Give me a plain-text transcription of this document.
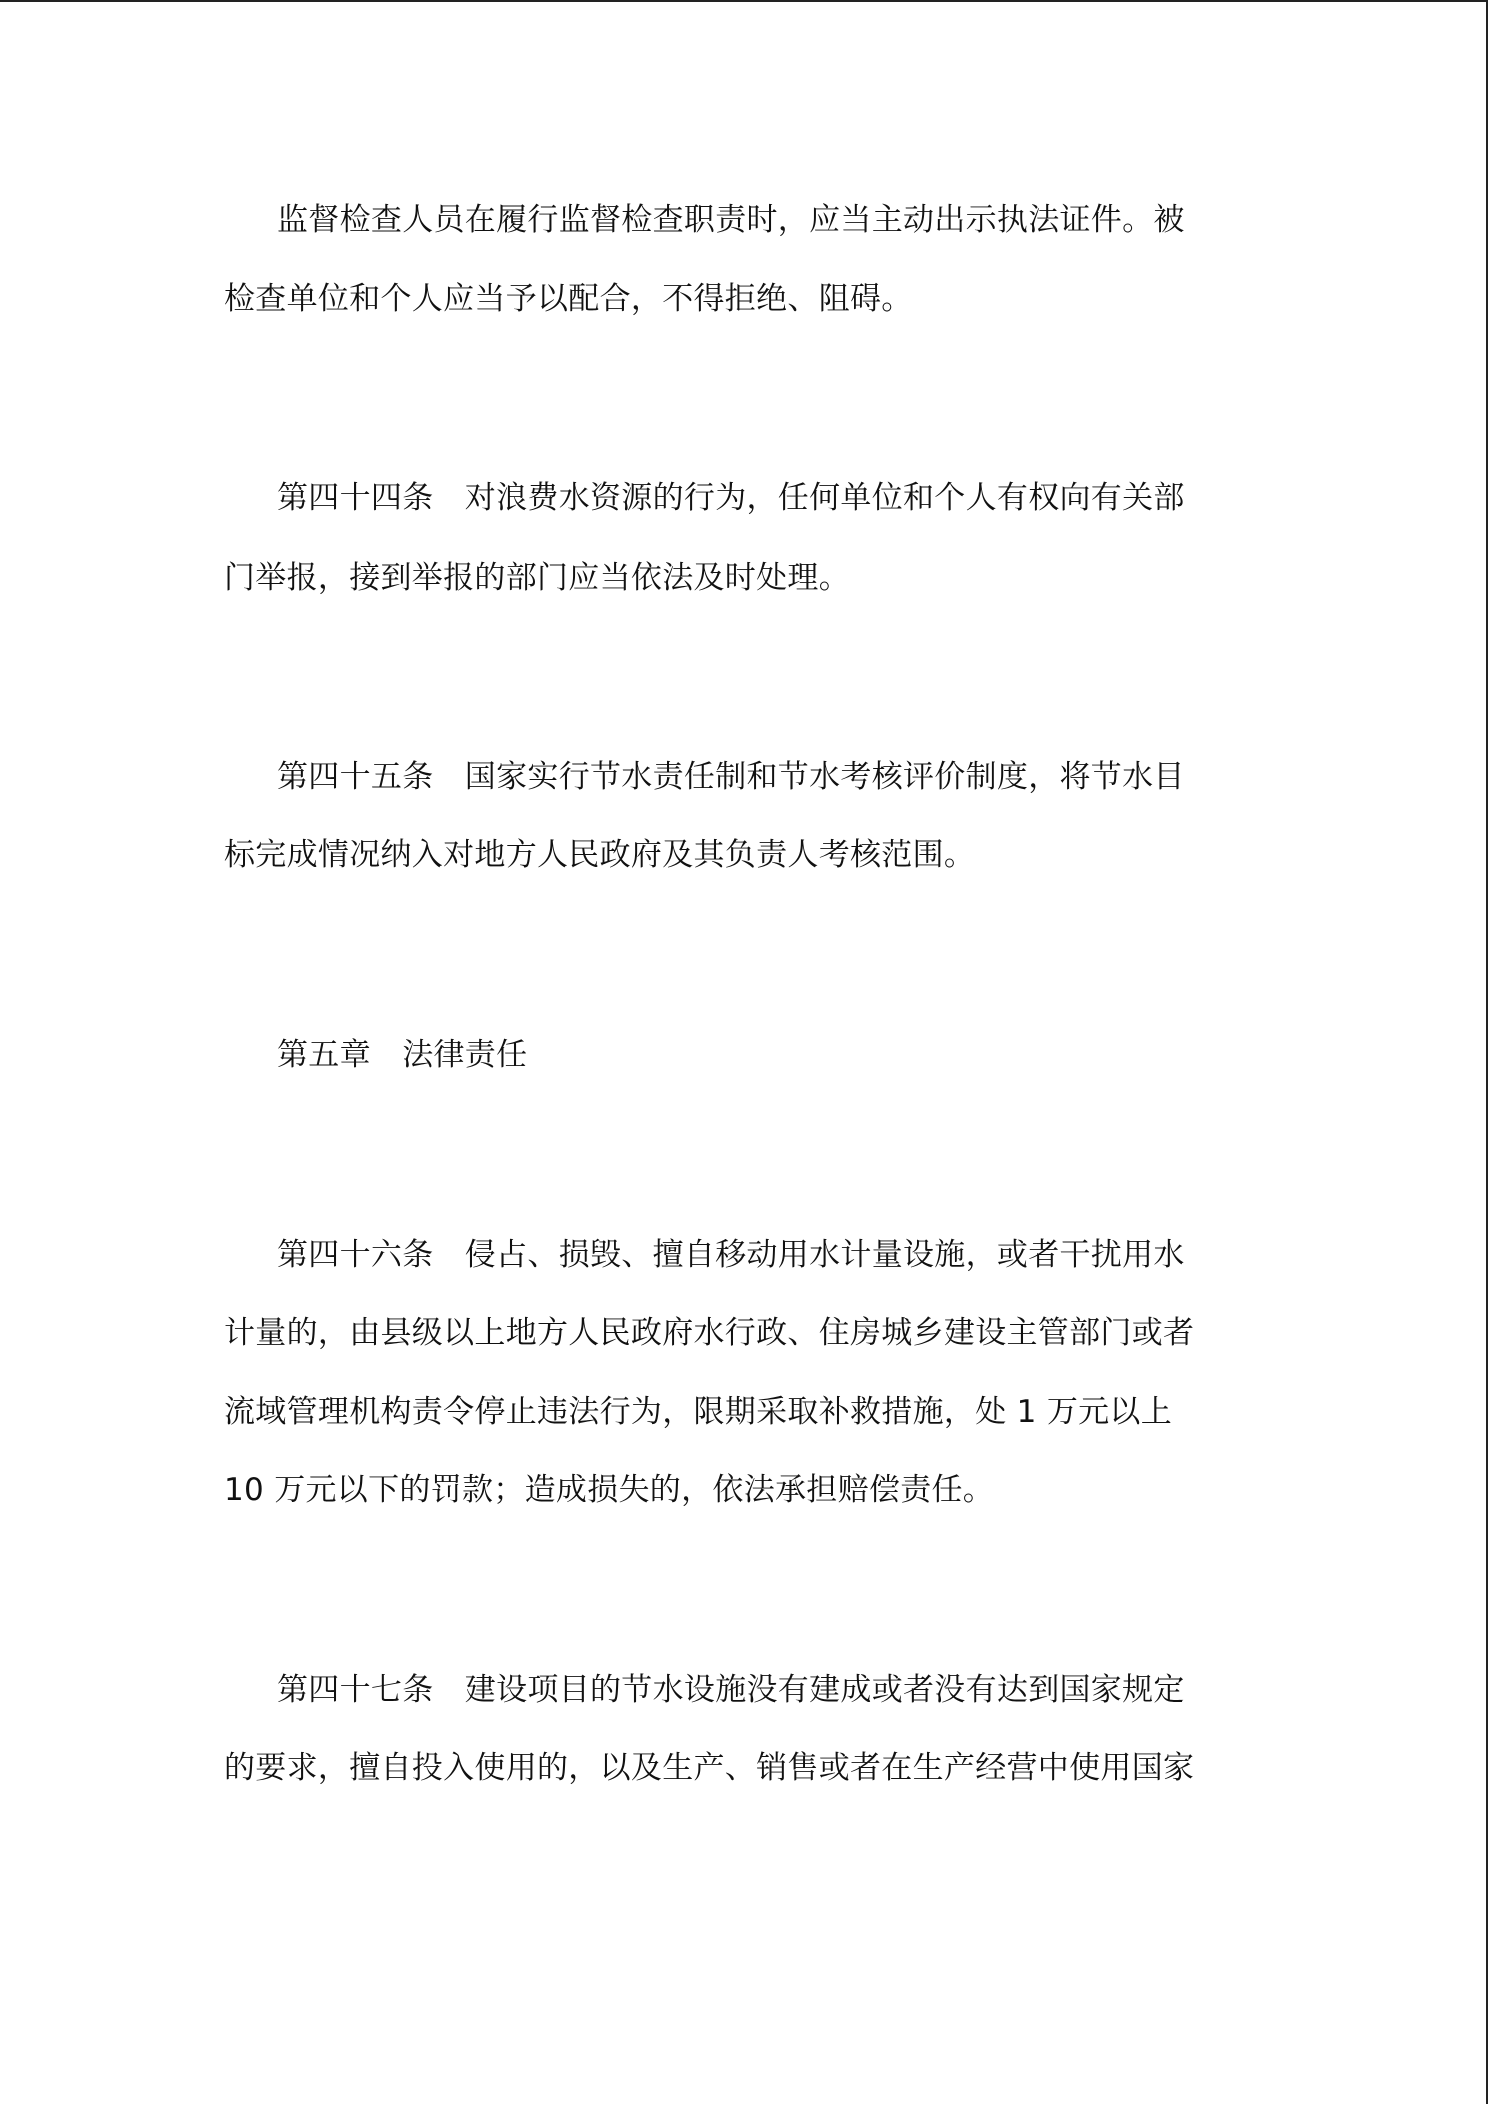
监督检查人员在履行监督检查职责时，应当主动出示执法证件。被
检查单位和个人应当予以配合，不得拒绝、阻碍。
第四十四条　对浪费水资源的行为，任何单位和个人有权向有关部
门举报，接到举报的部门应当依法及时处理。
第四十五条　国家实行节水责任制和节水考核评价制度，将节水目
标完成情况纳入对地方人民政府及其负责人考核范围。
第五章　法律责任
第四十六条　侵占、损毁、擅自移动用水计量设施，或者干扰用水
计量的，由县级以上地方人民政府水行政、住房城乡建设主管部门或者
流域管理机构责令停止违法行为，限期采取补救措施，处 1 万元以上
10 万元以下的罚款；造成损失的，依法承担赔偿责任。
第四十七条　建设项目的节水设施没有建成或者没有达到国家规定
的要求，擅自投入使用的，以及生产、销售或者在生产经营中使用国家
